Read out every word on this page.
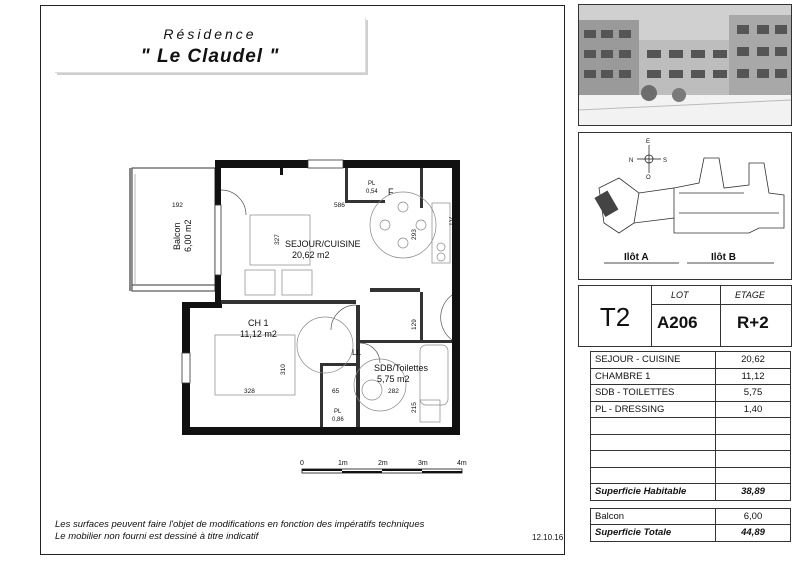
Résidence
" Le Claudel "
SEJOUR/CUISINE
20,62 m2
CH 1
11,12 m2
SDB/Toilettes
5,75 m2
Balcon 6,00 m2
PL
0,54
PL
0,86
F
LL
LV
586
192
327	293
129
215
310
328	65	282
0	1m	2m	3m	4m
Les surfaces peuvent faire l'objet de modifications en fonction des impératifs techniques
Le mobilier non fourni est dessiné à titre indicatif	12.10.16
E
N	S
O
Ilôt A	Ilôt B
T2
LOT	ETAGE
A206 R+2
SEJOUR - CUISINE	20,62
CHAMBRE 1	11,12
SDB - TOILETTES	5,75
PL - DRESSING	1,40

Superficie Habitable	38,89

Balcon	6,00
Superficie Totale	44,89
